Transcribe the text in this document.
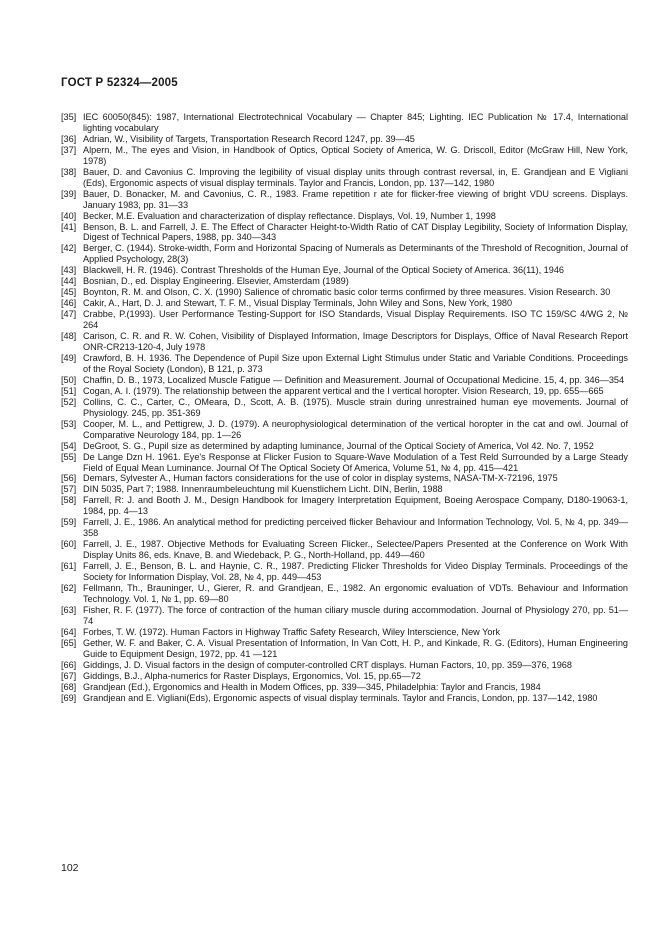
ГОСТ Р 52324—2005

[35] IEC 60050(845): 1987, International Electrotechnical Vocabulary — Chapter 845; Lighting. IEC Publication № 17.4, International lighting vocabulary

[36] Adrian, W., Visibility of Targets, Transportation Research Record 1247, pp. 39—45

[37] Alpern, M., The eyes and Vision, in Handbook of Optics, Optical Society of America, W. G. Driscoll, Editor (McGraw Hill, New York, 1978)

[38] Bauer, D. and Cavonius C. Improving the legibility of visual display units through contrast reversal, in, E. Grandjean and E Vigliani (Eds), Ergonomic aspects of visual display terminals. Taylor and Francis, London, pp. 137—142, 1980

[39] Bauer, D. Bonacker, M. and Cavonius, C. R., 1983. Frame repetition r ate for flicker-free viewing of bright VDU screens. Displays. January 1983, pp. 31—33

[40] Becker, M.E. Evaluation and characterization of display reflectance. Displays, Vol. 19, Number 1, 1998

[41] Benson, B. L. and Farrell, J. E. The Effect of Character Height-to-Width Ratio of CAT Display Legibility, Society of Information Display, Digest of Technical Papers, 1988, pp. 340—343

[42] Berger, C. (1944). Stroke-width, Form and Horizontal Spacing of Numerals as Determinants of the Threshold of Recognition, Journal of Applied Psychology, 28(3)

[43] Blackwell, H. R. (1946). Contrast Thresholds of the Human Eye, Journal of the Optical Society of America. 36(11), 1946

[44] Bosnian, D., ed. Display Engineering. Elsevier, Amsterdam (1989)

[45] Boynton, R. M. and Olson, C. X. (1990) Salience of chromatic basic color terms confirmed by three measures. Vision Research. 30

[46] Cakir, A., Hart, D. J. and Stewart, T. F. M., Visual Display Terminals, John Wiley and Sons, New York, 1980

[47] Crabbe, P.(1993). User Performance Testing-Support for ISO Standards, Visual Display Requirements. ISO TC 159/SC 4/WG 2, № 264

[48] Carison, C. R. and R. W. Cohen, Visibility of Displayed Information, Image Descriptors for Displays, Office of Naval Research Report ONR-CR213-120-4, July 1978

[49] Crawford, B. H. 1936. The Dependence of Pupil Size upon External Light Stimulus under Static and Variable Conditions. Proceedings of the Royal Society (London), B 121, p. 373

[50] Chaffin, D. B., 1973, Localized Muscle Fatigue — Definition and Measurement. Journal of Occupational Medicine. 15, 4, pp. 346—354

[51] Cogan, A. I. (1979). The relationship between the apparent vertical and the I vertical horopter. Vision Research, 19, pp. 655—665

[52] Collins, C. C., Carter, C., OMeara, D., Scott, A. B. (1975). Muscle strain during unrestrained human eye movements. Journal of Physiology. 245, pp. 351-369

[53] Cooper, M. L., and Pettigrew, J. D. (1979). A neurophysiological determination of the vertical horopter in the cat and owl. Journal of Comparative Neurology 184, pp. 1—26

[54] DeGroot, S. G., Pupil size as determined by adapting luminance, Journal of the Optical Society of America, Vol 42. No. 7, 1952

[55] De Lange Dzn H. 1961. Eye's Response at Flicker Fusion to Square-Wave Modulation of a Test Reld Surrounded by a Large Steady Field of Equal Mean Luminance. Journal Of The Optical Society Of America, Volume 51, № 4, pp. 415—421

[56] Demars, Sylvester A., Human factors considerations for the use of color in display systems, NASA-TM-X-72196, 1975

[57] DIN 5035, Part 7; 1988. Innenraumbeleuchtung mil Kuenstlichem Licht. DIN, Berlin, 1988

[58] Farrell, R: J. and Booth J. M., Design Handbook for Imagery Interpretation Equipment, Boeing Aerospace Company, D180-19063-1, 1984, pp. 4—13

[59] Farrell, J. E., 1986. An analytical method for predicting perceived flicker Behaviour and Information Technology, Vol. 5, № 4, pp. 349—358

[60] Farrell, J. E., 1987. Objective Methods for Evaluating Screen Flicker., Selectee/Papers Presented at the Conference on Work With Display Units 86, eds. Knave, B. and Wiedeback, P. G., North-Holland, pp. 449—460

[61] Farrell, J. E., Benson, B. L. and Haynie, C. R., 1987. Predicting Flicker Thresholds for Video Display Terminals. Proceedings of the Society for Information Display, Vol. 28, № 4, pp. 449—453

[62] Fellmann, Th., Brauninger, U., Gierer, R. and Grandjean, E., 1982. An ergonomic evaluation of VDTs. Behaviour and Information Technology. Vol. 1, № 1, pp. 69—80

[63] Fisher, R. F. (1977). The force of contraction of the human ciliary muscle during accommodation. Journal of Physiology 270, pp. 51—74

[64] Forbes, T. W. (1972). Human Factors in Highway Traffic Safety Research, Wiley Interscience, New York

[65] Gether, W. F. and Baker, C. A. Visual Presentation of Information, In Van Cott, H. P., and Kinkade, R. G. (Editors), Human Engineering Guide to Equipment Design, 1972, pp. 41 —121

[66] Giddings, J. D. Visual factors in the design of computer-controlled CRT displays. Human Factors, 10, pp. 359—376, 1968

[67] Giddings, B.J., Alpha-numerics for Raster Displays, Ergonomics, Vol. 15, pp.65—72

[68] Grandjean (Ed.), Ergonomics and Health in Modem Offices, pp. 339—345, Philadelphia: Taylor and Francis, 1984

[69] Grandjean and E. Vigliani(Eds), Ergonomic aspects of visual display terminals. Taylor and Francis, London, pp. 137—142, 1980

102
